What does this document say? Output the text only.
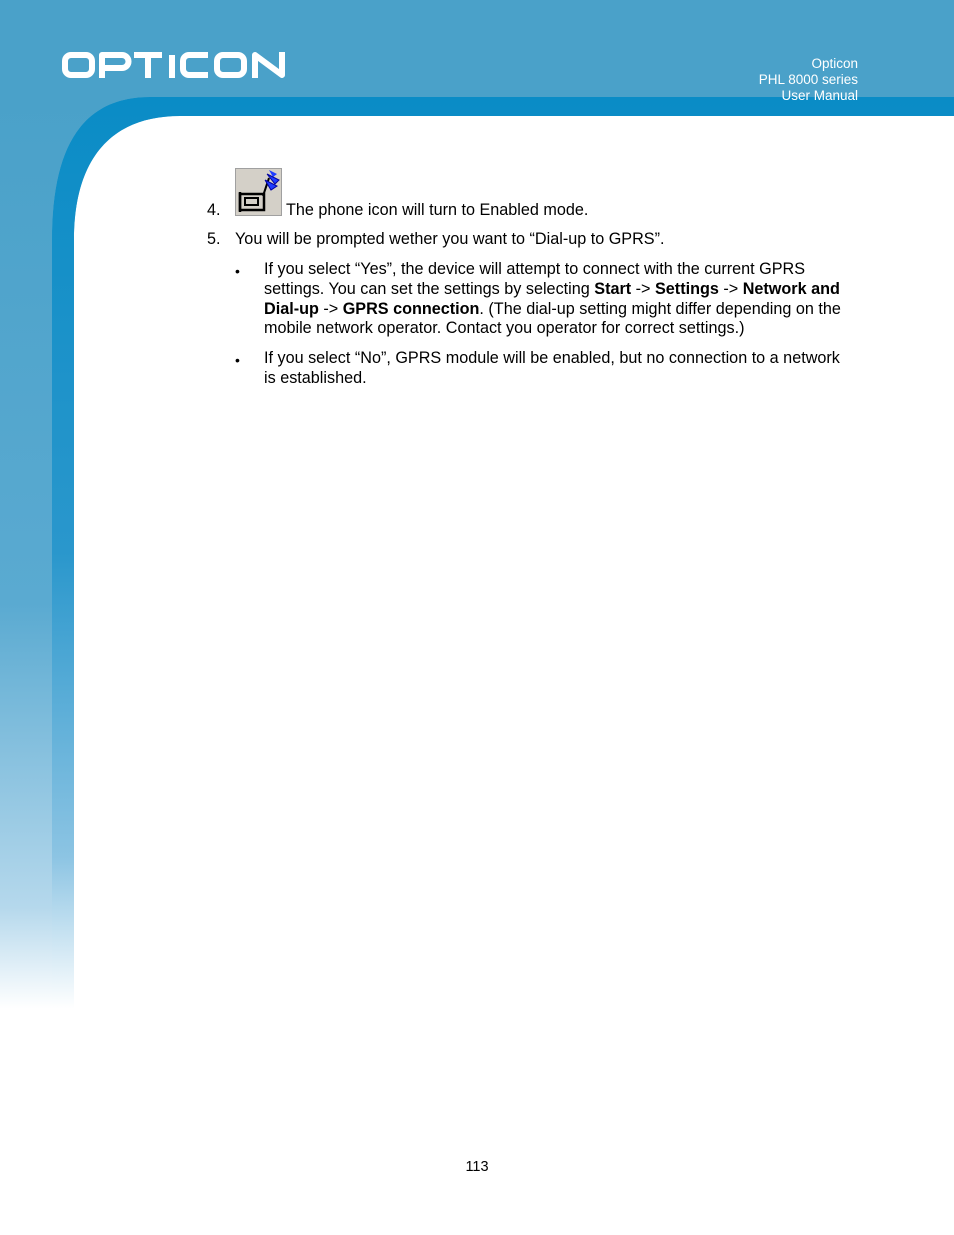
Opticon
PHL 8000 series
User Manual
4.	The phone icon will turn to Enabled mode.
5. You will be prompted wether you want to “Dial-up to GPRS”.
• If you select “Yes”, the device will attempt to connect with the current GPRS settings. You can set the settings by selecting Start -> Settings -> Network and Dial-up -> GPRS connection. (The dial-up setting might differ depending on the mobile network operator. Contact you operator for correct settings.)
• If you select “No”, GPRS module will be enabled, but no connection to a network is established.
113
